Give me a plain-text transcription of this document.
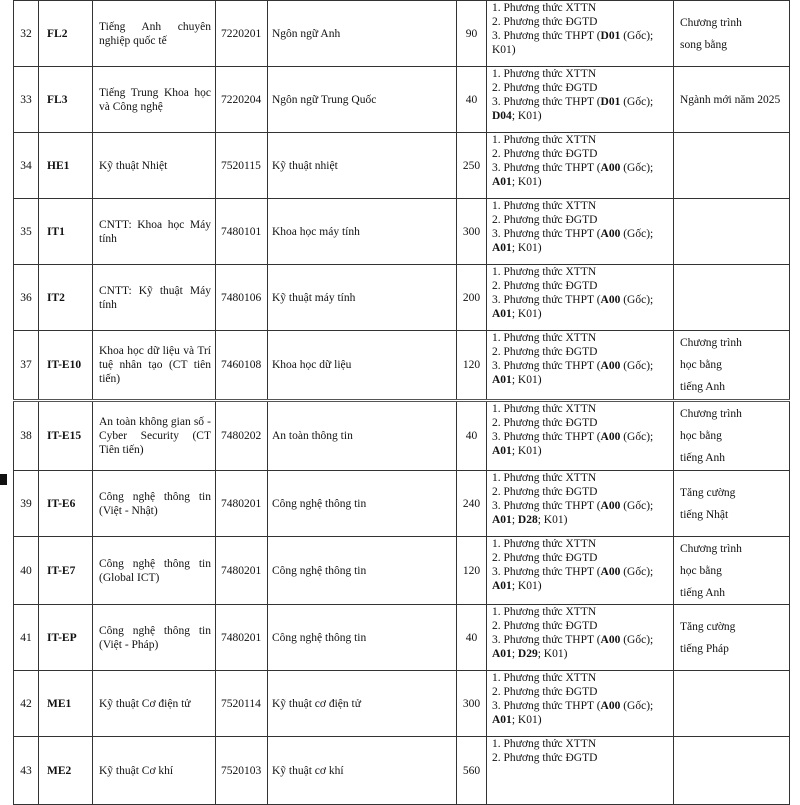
32	FL2	Tiếng Anh chuyên nghiệp quốc tế	7220201	Ngôn ngữ Anh	90	1. Phương thức XTTN
2. Phương thức ĐGTD
3. Phương thức THPT (D01 (Gốc);
K01)	Chương trình
song bằng

33	FL3	Tiếng Trung Khoa học và Công nghệ	7220204	Ngôn ngữ Trung Quốc	40	1. Phương thức XTTN
2. Phương thức ĐGTD
3. Phương thức THPT (D01 (Gốc);
D04; K01)	Ngành mới năm 2025

34	HE1	Kỹ thuật Nhiệt	7520115	Kỹ thuật nhiệt	250	1. Phương thức XTTN
2. Phương thức ĐGTD
3. Phương thức THPT (A00 (Gốc);
A01; K01)	

35	IT1	CNTT: Khoa học Máy tính	7480101	Khoa học máy tính	300	1. Phương thức XTTN
2. Phương thức ĐGTD
3. Phương thức THPT (A00 (Gốc);
A01; K01)	

36	IT2	CNTT: Kỹ thuật Máy tính	7480106	Kỹ thuật máy tính	200	1. Phương thức XTTN
2. Phương thức ĐGTD
3. Phương thức THPT (A00 (Gốc);
A01; K01)	

37	IT-E10	Khoa học dữ liệu và Trí tuệ nhân tạo (CT tiên tiến)	7460108	Khoa học dữ liệu	120	1. Phương thức XTTN
2. Phương thức ĐGTD
3. Phương thức THPT (A00 (Gốc);
A01; K01)	Chương trình
học bằng
tiếng Anh

38	IT-E15	An toàn không gian số - Cyber Security (CT Tiên tiến)	7480202	An toàn thông tin	40	1. Phương thức XTTN
2. Phương thức ĐGTD
3. Phương thức THPT (A00 (Gốc);
A01; K01)	Chương trình
học bằng
tiếng Anh

39	IT-E6	Công nghệ thông tin (Việt - Nhật)	7480201	Công nghệ thông tin	240	1. Phương thức XTTN
2. Phương thức ĐGTD
3. Phương thức THPT (A00 (Gốc);
A01; D28; K01)	Tăng cường
tiếng Nhật

40	IT-E7	Công nghệ thông tin (Global ICT)	7480201	Công nghệ thông tin	120	1. Phương thức XTTN
2. Phương thức ĐGTD
3. Phương thức THPT (A00 (Gốc);
A01; K01)	Chương trình
học bằng
tiếng Anh

41	IT-EP	Công nghệ thông tin (Việt - Pháp)	7480201	Công nghệ thông tin	40	1. Phương thức XTTN
2. Phương thức ĐGTD
3. Phương thức THPT (A00 (Gốc);
A01; D29; K01)	Tăng cường
tiếng Pháp

42	ME1	Kỹ thuật Cơ điện tử	7520114	Kỹ thuật cơ điện tử	300	1. Phương thức XTTN
2. Phương thức ĐGTD
3. Phương thức THPT (A00 (Gốc);
A01; K01)	

43	ME2	Kỹ thuật Cơ khí	7520103	Kỹ thuật cơ khí	560	1. Phương thức XTTN
2. Phương thức ĐGTD	
